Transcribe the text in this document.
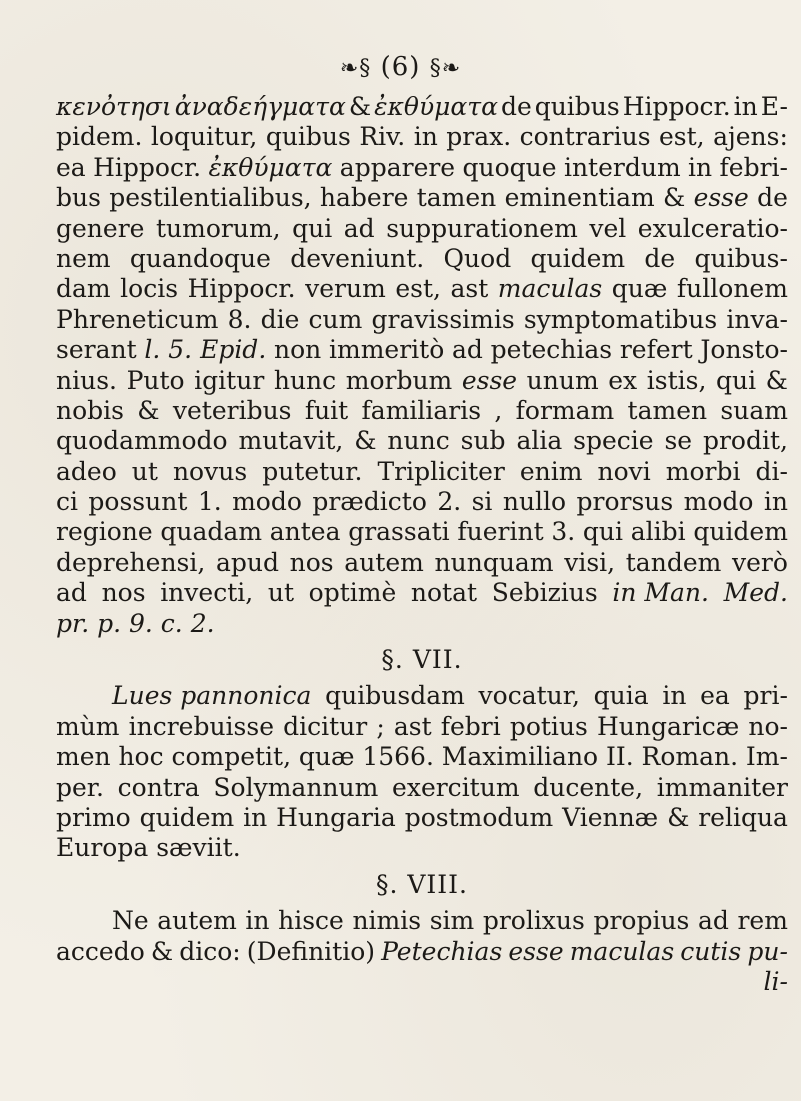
❧§ (6) §❧
κενὀτησι ἀναδεήγματα & ἐκθύματα de quibus Hippocr. in E-
pidem. loquitur, quibus Riv. in prax. contrarius est, ajens:
ea Hippocr. ἐκθύματα apparere quoque interdum in febri-
bus pestilentialibus, habere tamen eminentiam & esse de
genere tumorum, qui ad suppurationem vel exulceratio-
nem quandoque deveniunt. Quod quidem de quibus-
dam locis Hippocr. verum est, ast maculas quæ fullonem
Phreneticum 8. die cum gravissimis symptomatibus inva-
serant l. 5. Epid. non immeritò ad petechias refert Jonsto-
nius. Puto igitur hunc morbum esse unum ex istis, qui &
nobis & veteribus fuit familiaris , formam tamen suam
quodammodo mutavit, & nunc sub alia specie se prodit,
adeo ut novus putetur. Tripliciter enim novi morbi di-
ci possunt 1. modo prædicto 2. si nullo prorsus modo in
regione quadam antea grassati fuerint 3. qui alibi quidem
deprehensi, apud nos autem nunquam visi, tandem verò
ad nos invecti, ut optimè notat Sebizius in Man. Med.
pr. p. 9. c. 2.
§. VII.
Lues pannonica quibusdam vocatur, quia in ea pri-
mùm increbuisse dicitur ; ast febri potius Hungaricæ no-
men hoc competit, quæ 1566. Maximiliano II. Roman. Im-
per. contra Solymannum exercitum ducente, immaniter
primo quidem in Hungaria postmodum Viennæ & reliqua
Europa sæviit.
§. VIII.
Ne autem in hisce nimis sim prolixus propius ad rem
accedo & dico: (Definitio) Petechias esse maculas cutis pu-
li-
